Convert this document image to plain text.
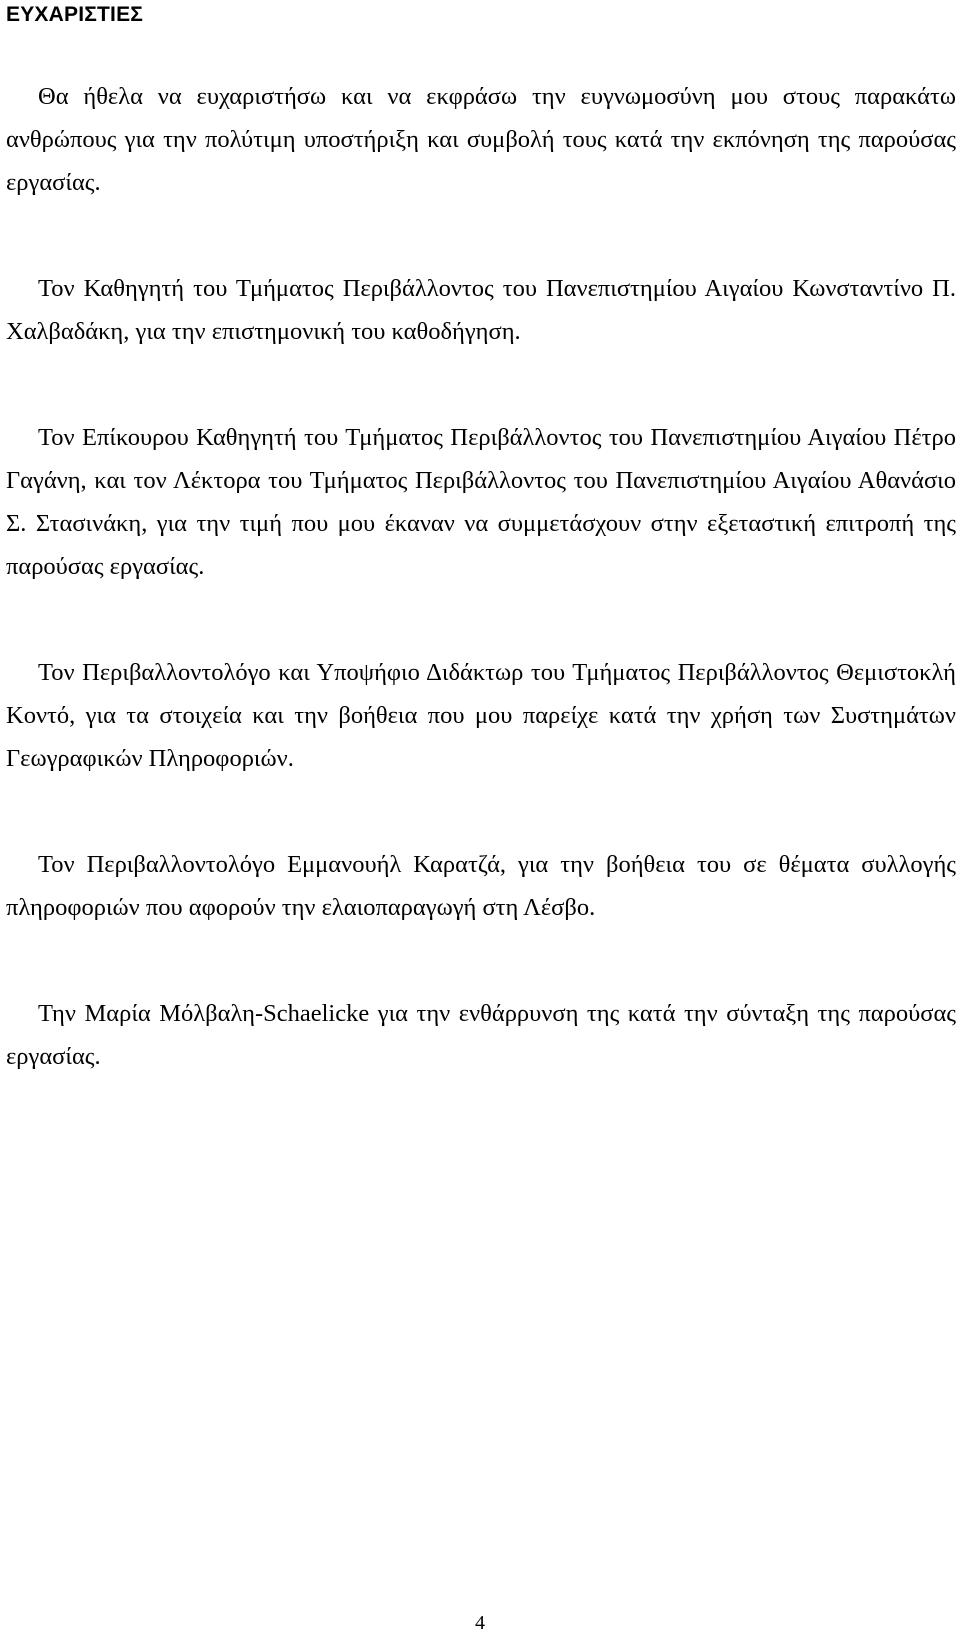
ΕΥΧΑΡΙΣΤΙΕΣ

Θα ήθελα να ευχαριστήσω και να εκφράσω την ευγνωμοσύνη μου στους παρακάτω ανθρώπους για την πολύτιμη υποστήριξη και συμβολή τους κατά την εκπόνηση της παρούσας εργασίας.

Τον Καθηγητή του Τμήματος Περιβάλλοντος του Πανεπιστημίου Αιγαίου Κωνσταντίνο Π. Χαλβαδάκη, για την επιστημονική του καθοδήγηση.

Τον Επίκουρου Καθηγητή του Τμήματος Περιβάλλοντος του Πανεπιστημίου Αιγαίου Πέτρο Γαγάνη, και τον Λέκτορα του Τμήματος Περιβάλλοντος του Πανεπιστημίου Αιγαίου Αθανάσιο Σ. Στασινάκη, για την τιμή που μου έκαναν να συμμετάσχουν στην εξεταστική επιτροπή της παρούσας εργασίας.

Τον Περιβαλλοντολόγο και Υποψήφιο Διδάκτωρ του Τμήματος Περιβάλλοντος Θεμιστοκλή Κοντό, για τα στοιχεία και την βοήθεια που μου παρείχε κατά την χρήση των Συστημάτων Γεωγραφικών Πληροφοριών.

Τον Περιβαλλοντολόγο Εμμανουήλ Καρατζά, για την βοήθεια του σε θέματα συλλογής πληροφοριών που αφορούν την ελαιοπαραγωγή στη Λέσβο.

Την Μαρία Μόλβαλη-Schaelicke για την ενθάρρυνση της κατά την σύνταξη της παρούσας εργασίας.

4
